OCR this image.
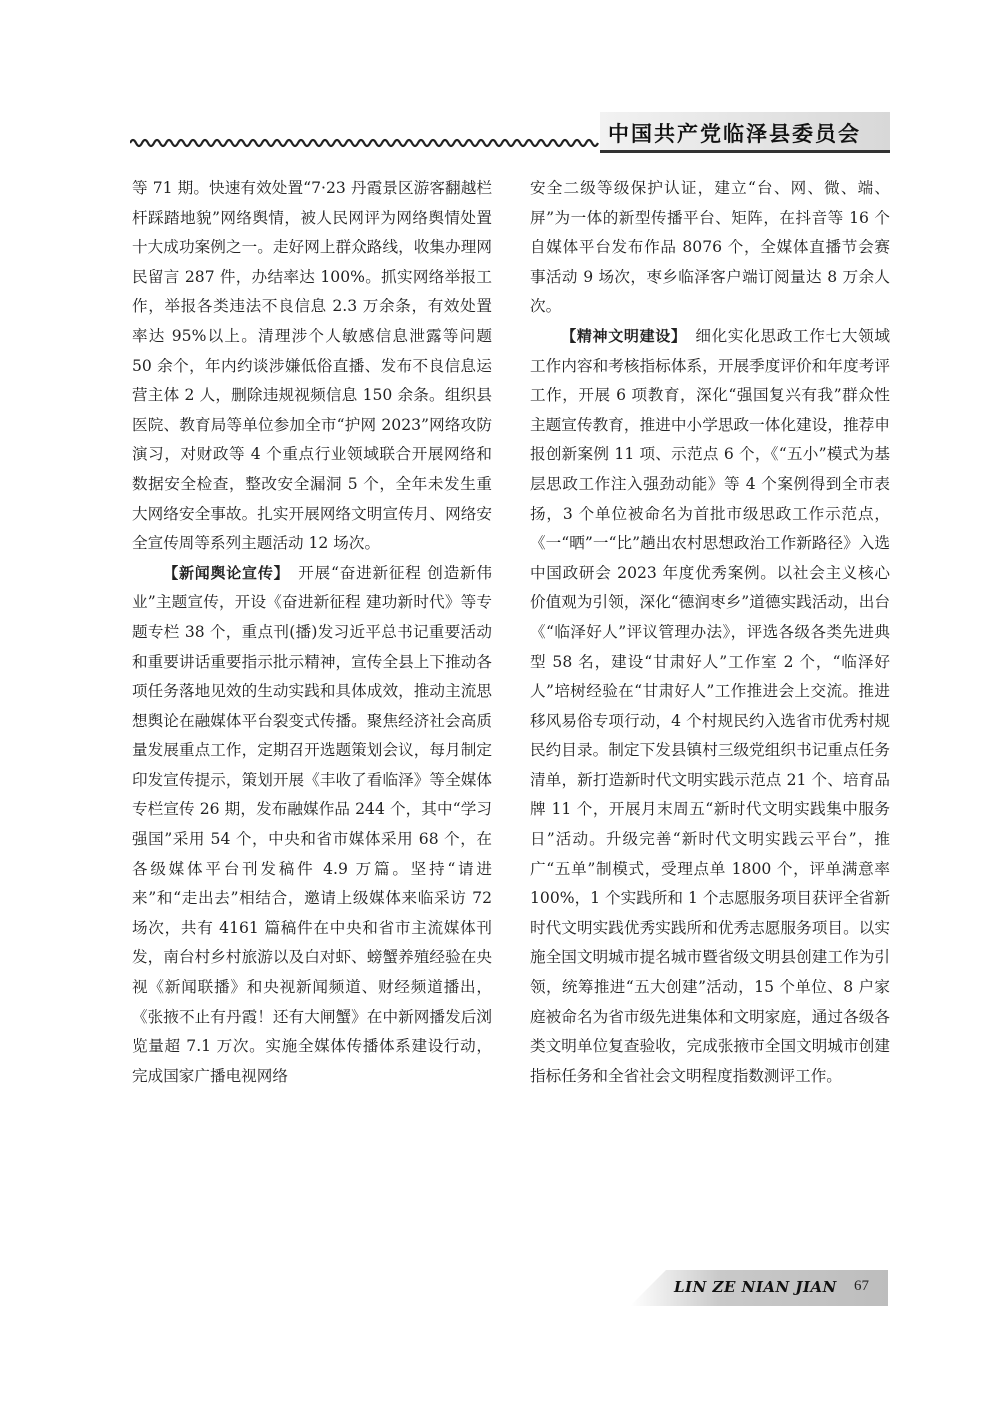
中国共产党临泽县委员会

等 71 期。快速有效处置“7·23 丹霞景区游客翻越栏杆踩踏地貌”网络舆情，被人民网评为网络舆情处置十大成功案例之一。走好网上群众路线，收集办理网民留言 287 件，办结率达 100%。抓实网络举报工作，举报各类违法不良信息 2.3 万余条，有效处置率达 95%以上。清理涉个人敏感信息泄露等问题 50 余个，年内约谈涉嫌低俗直播、发布不良信息运营主体 2 人，删除违规视频信息 150 余条。组织县医院、教育局等单位参加全市“护网 2023”网络攻防演习，对财政等 4 个重点行业领域联合开展网络和数据安全检查，整改安全漏洞 5 个，全年未发生重大网络安全事故。扎实开展网络文明宣传月、网络安全宣传周等系列主题活动 12 场次。

【新闻舆论宣传】　 开展“奋进新征程 创造新伟业”主题宣传，开设《奋进新征程 建功新时代》等专题专栏 38 个，重点刊(播)发习近平总书记重要活动和重要讲话重要指示批示精神，宣传全县上下推动各项任务落地见效的生动实践和具体成效，推动主流思想舆论在融媒体平台裂变式传播。聚焦经济社会高质量发展重点工作，定期召开选题策划会议，每月制定印发宣传提示，策划开展《丰收了看临泽》等全媒体专栏宣传 26 期，发布融媒作品 244 个，其中“学习强国”采用 54 个，中央和省市媒体采用 68 个，在各级媒体平台刊发稿件 4.9 万篇。坚持“请进来”和“走出去”相结合，邀请上级媒体来临采访 72 场次，共有 4161 篇稿件在中央和省市主流媒体刊发，南台村乡村旅游以及白对虾、螃蟹养殖经验在央视《新闻联播》和央视新闻频道、财经频道播出，《张掖不止有丹霞！还有大闸蟹》在中新网播发后浏览量超 7.1 万次。实施全媒体传播体系建设行动，完成国家广播电视网络

安全二级等级保护认证，建立“台、网、微、端、屏”为一体的新型传播平台、矩阵，在抖音等 16 个自媒体平台发布作品 8076 个，全媒体直播节会赛事活动 9 场次，枣乡临泽客户端订阅量达 8 万余人次。

【精神文明建设】　 细化实化思政工作七大领域工作内容和考核指标体系，开展季度评价和年度考评工作，开展 6 项教育，深化“强国复兴有我”群众性主题宣传教育，推进中小学思政一体化建设，推荐申报创新案例 11 项、示范点 6 个，《“五小”模式为基层思政工作注入强劲动能》等 4 个案例得到全市表扬，3 个单位被命名为首批市级思政工作示范点，《一“晒”一“比”趟出农村思想政治工作新路径》入选中国政研会 2023 年度优秀案例。以社会主义核心价值观为引领，深化“德润枣乡”道德实践活动，出台《“临泽好人”评议管理办法》，评选各级各类先进典型 58 名，建设“甘肃好人”工作室 2 个，“临泽好人”培树经验在“甘肃好人”工作推进会上交流。推进移风易俗专项行动，4 个村规民约入选省市优秀村规民约目录。制定下发县镇村三级党组织书记重点任务清单，新打造新时代文明实践示范点 21 个、培育品牌 11 个，开展月末周五“新时代文明实践集中服务日”活动。升级完善“新时代文明实践云平台”，推广“五单”制模式，受理点单 1800 个，评单满意率 100%，1 个实践所和 1 个志愿服务项目获评全省新时代文明实践优秀实践所和优秀志愿服务项目。以实施全国文明城市提名城市暨省级文明县创建工作为引领，统筹推进“五大创建”活动，15 个单位、8 户家庭被命名为省市级先进集体和文明家庭，通过各级各类文明单位复查验收，完成张掖市全国文明城市创建指标任务和全省社会文明程度指数测评工作。

LIN ZE NIAN JIAN 67
